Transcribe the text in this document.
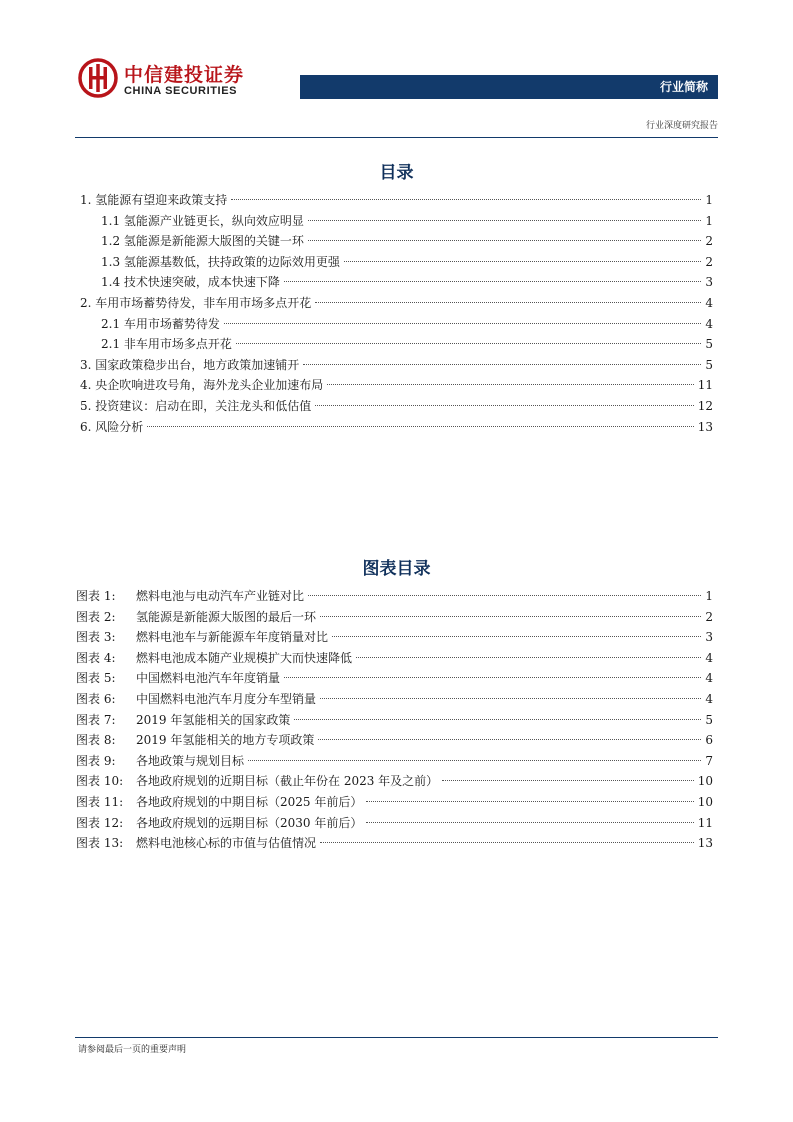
中信建投证券
CHINA SECURITIES	行业简称
行业深度研究报告
目录
1. 氢能源有望迎来政策支持	1
1.1 氢能源产业链更长，纵向效应明显	1
1.2 氢能源是新能源大版图的关键一环	2
1.3 氢能源基数低，扶持政策的边际效用更强	2
1.4 技术快速突破，成本快速下降	3
2. 车用市场蓄势待发，非车用市场多点开花	4
2.1 车用市场蓄势待发	4
2.1 非车用市场多点开花	5
3. 国家政策稳步出台，地方政策加速铺开	5
4. 央企吹响进攻号角，海外龙头企业加速布局	11
5. 投资建议：启动在即，关注龙头和低估值	12
6. 风险分析	13
图表目录
图表 1:	燃料电池与电动汽车产业链对比	1
图表 2:	氢能源是新能源大版图的最后一环	2
图表 3:	燃料电池车与新能源车年度销量对比	3
图表 4:	燃料电池成本随产业规模扩大而快速降低	4
图表 5:	中国燃料电池汽车年度销量	4
图表 6:	中国燃料电池汽车月度分车型销量	4
图表 7:	2019 年氢能相关的国家政策	5
图表 8:	2019 年氢能相关的地方专项政策	6
图表 9:	各地政策与规划目标	7
图表 10:	各地政府规划的近期目标（截止年份在 2023 年及之前）	10
图表 11:	各地政府规划的中期目标（2025 年前后）	10
图表 12:	各地政府规划的远期目标（2030 年前后）	11
图表 13:	燃料电池核心标的市值与估值情况	13
请参阅最后一页的重要声明
